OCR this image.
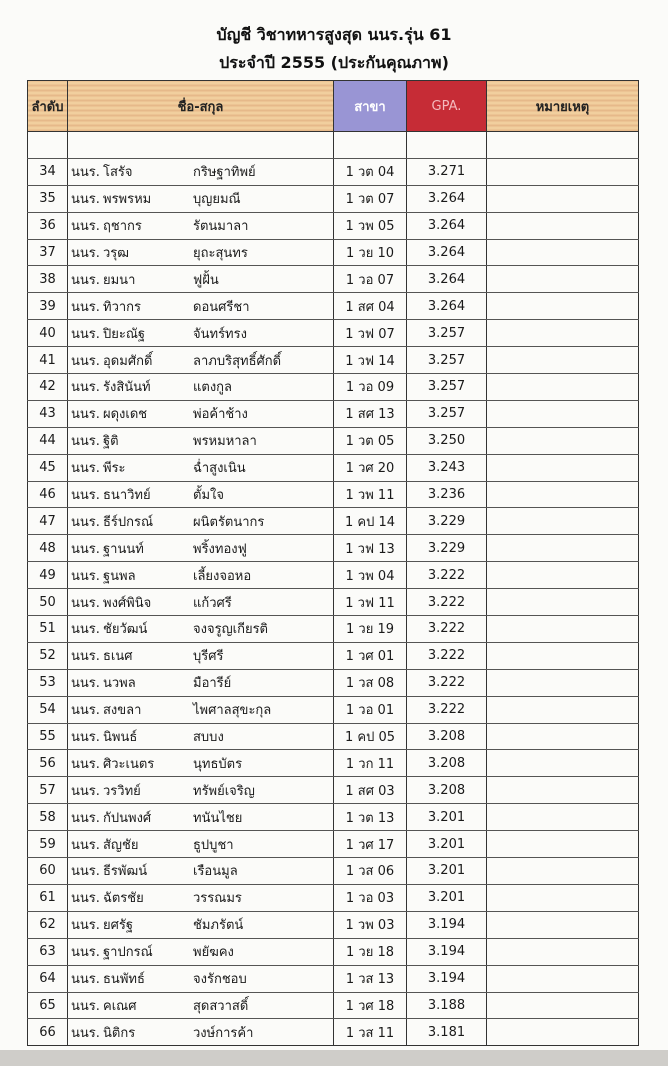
บัญชี วิชาทหารสูงสุด นนร.รุ่น 61
ประจำปี 2555 (ประกันคุณภาพ)
ลำดับ	ชื่อ-สกุล	สาขา	GPA.	หมายเหตุ

34	นนร. โสรัจ กริษฐาทิพย์	1 วต 04	3.271	
35	นนร. พรพรหม บุญยมณี	1 วต 07	3.264	
36	นนร. ฤชากร รัตนมาลา	1 วพ 05	3.264	
37	นนร. วรุฒ ยุถะสุนทร	1 วย 10	3.264	
38	นนร. ยมนา ฟูฝั้น	1 วอ 07	3.264	
39	นนร. ทิวากร ดอนศรีชา	1 สศ 04	3.264	
40	นนร. ปิยะณัฐ จันทร์ทรง	1 วฟ 07	3.257	
41	นนร. อุดมศักดิ์ ลาภบริสุทธิ์ศักดิ์	1 วฟ 14	3.257	
42	นนร. รังสินันท์ แตงกูล	1 วอ 09	3.257	
43	นนร. ผดุงเดช พ่อค้าช้าง	1 สศ 13	3.257	
44	นนร. ฐิติ พรหมหาลา	1 วต 05	3.250	
45	นนร. พีระ ฉ่ำสูงเนิน	1 วศ 20	3.243	
46	นนร. ธนาวิทย์ ตั้มใจ	1 วพ 11	3.236	
47	นนร. ธีร์ปกรณ์ ผนิตรัตนากร	1 คป 14	3.229	
48	นนร. ฐานนท์ พริ้งทองฟู	1 วฟ 13	3.229	
49	นนร. ฐนพล เลี้ยงจอหอ	1 วพ 04	3.222	
50	นนร. พงศ์พินิจ แก้วศรี	1 วฟ 11	3.222	
51	นนร. ชัยวัฒน์ จงจรูญเกียรติ	1 วย 19	3.222	
52	นนร. ธเนศ บุรีศรี	1 วศ 01	3.222	
53	นนร. นวพล มือารีย์	1 วส 08	3.222	
54	นนร. สงขลา ไพศาลสุขะกุล	1 วอ 01	3.222	
55	นนร. นิพนธ์ สบบง	1 คป 05	3.208	
56	นนร. ศิวะเนตร นุทธบัตร	1 วก 11	3.208	
57	นนร. วรวิทย์ ทรัพย์เจริญ	1 สศ 03	3.208	
58	นนร. กัปนพงศ์ ทนันไชย	1 วต 13	3.201	
59	นนร. สัญชัย ธูปบูชา	1 วศ 17	3.201	
60	นนร. ธีรพัฒน์ เรือนมูล	1 วส 06	3.201	
61	นนร. ฉัตรชัย วรรณมร	1 วอ 03	3.201	
62	นนร. ยศรัฐ ชัมภรัตน์	1 วพ 03	3.194	
63	นนร. ฐาปกรณ์ พยัฆคง	1 วย 18	3.194	
64	นนร. ธนพัทธ์ จงรักชอบ	1 วส 13	3.194	
65	นนร. คเณศ สุดสวาสดิ์	1 วศ 18	3.188	
66	นนร. นิติกร วงษ์การค้า	1 วส 11	3.181	
